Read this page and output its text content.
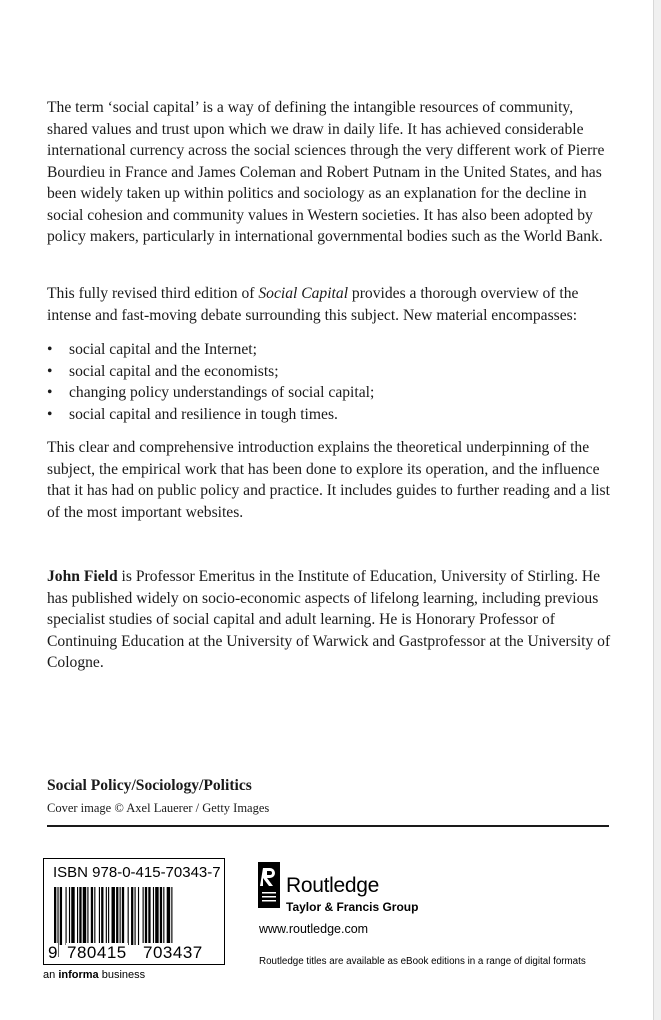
The term ‘social capital’ is a way of defining the intangible resources of community, shared values and trust upon which we draw in daily life. It has achieved considerable international currency across the social sciences through the very different work of Pierre Bourdieu in France and James Coleman and Robert Putnam in the United States, and has been widely taken up within politics and sociology as an explanation for the decline in social cohesion and community values in Western societies. It has also been adopted by policy makers, particularly in international governmental bodies such as the World Bank.

This fully revised third edition of Social Capital provides a thorough overview of the intense and fast-moving debate surrounding this subject. New material encompasses:

• social capital and the Internet;
• social capital and the economists;
• changing policy understandings of social capital;
• social capital and resilience in tough times.

This clear and comprehensive introduction explains the theoretical underpinning of the subject, the empirical work that has been done to explore its operation, and the influence that it has had on public policy and practice. It includes guides to further reading and a list of the most important websites.

John Field is Professor Emeritus in the Institute of Education, University of Stirling. He has published widely on socio-economic aspects of lifelong learning, including previous specialist studies of social capital and adult learning. He is Honorary Professor of Continuing Education at the University of Warwick and Gastprofessor at the University of Cologne.

Social Policy/Sociology/Politics
Cover image © Axel Lauerer / Getty Images
ISBN 978-0-415-70343-7
9 780415 703437
an informa business
Routledge
Taylor & Francis Group
www.routledge.com
Routledge titles are available as eBook editions in a range of digital formats
